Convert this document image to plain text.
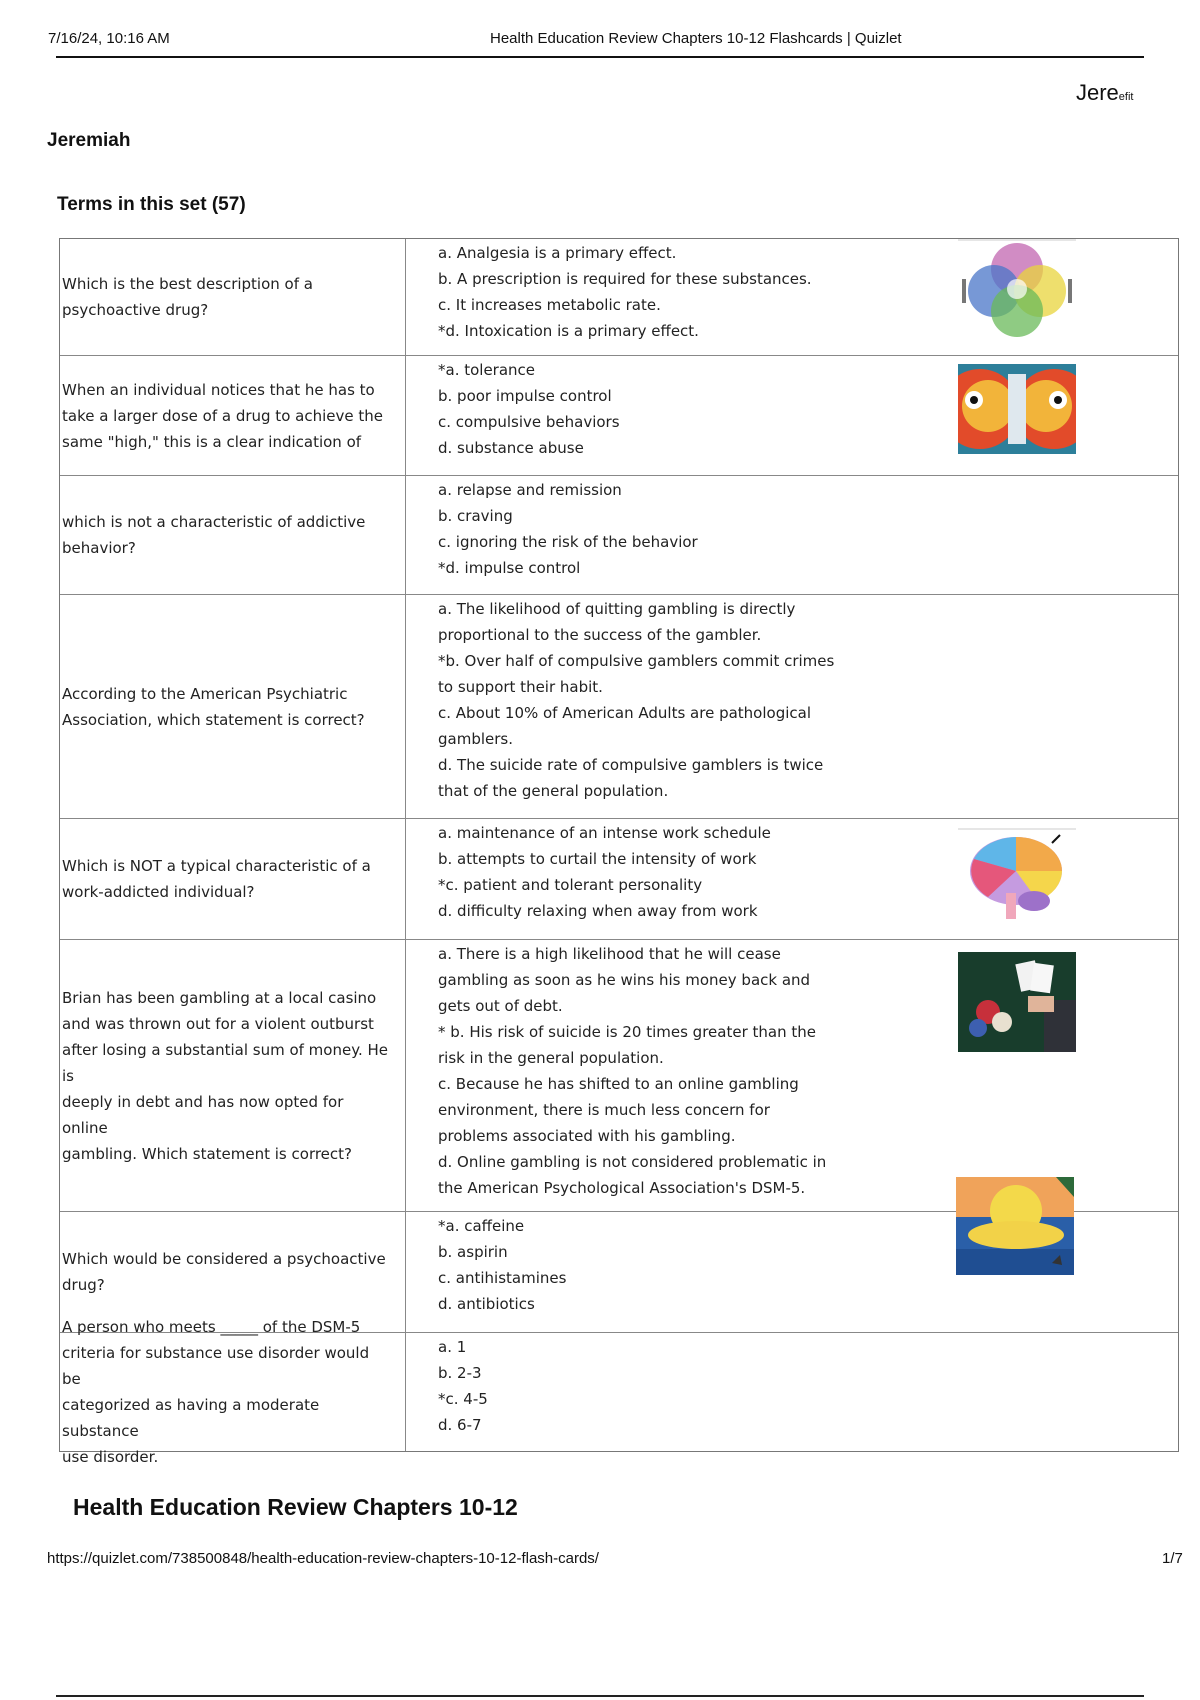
7/16/24, 10:16 AM	Health Education Review Chapters 10-12 Flashcards | Quizlet
Jereefit
Jeremiah
Terms in this set (57)
Which is the best description of a
psychoactive drug?
a. Analgesia is a primary effect.
b. A prescription is required for these substances.
c. It increases metabolic rate.
*d. Intoxication is a primary effect.
When an individual notices that he has to
take a larger dose of a drug to achieve the
same "high," this is a clear indication of
*a. tolerance
b. poor impulse control
c. compulsive behaviors
d. substance abuse
which is not a characteristic of addictive
behavior?
a. relapse and remission
b. craving
c. ignoring the risk of the behavior
*d. impulse control
According to the American Psychiatric
Association, which statement is correct?
a. The likelihood of quitting gambling is directly
proportional to the success of the gambler.
*b. Over half of compulsive gamblers commit crimes
to support their habit.
c. About 10% of American Adults are pathological
gamblers.
d. The suicide rate of compulsive gamblers is twice
that of the general population.
Which is NOT a typical characteristic of a
work-addicted individual?
a. maintenance of an intense work schedule
b. attempts to curtail the intensity of work
*c. patient and tolerant personality
d. difficulty relaxing when away from work
Brian has been gambling at a local casino
and was thrown out for a violent outburst
after losing a substantial sum of money. He is
deeply in debt and has now opted for online
gambling. Which statement is correct?
a. There is a high likelihood that he will cease
gambling as soon as he wins his money back and
gets out of debt.
* b. His risk of suicide is 20 times greater than the
risk in the general population.
c. Because he has shifted to an online gambling
environment, there is much less concern for
problems associated with his gambling.
d. Online gambling is not considered problematic in
the American Psychological Association's DSM-5.
Which would be considered a psychoactive
drug?
*a. caffeine
b. aspirin
c. antihistamines
d. antibiotics
A person who meets _____ of the DSM-5
criteria for substance use disorder would be
categorized as having a moderate substance
use disorder.
a. 1
b. 2-3
*c. 4-5
d. 6-7
Health Education Review Chapters 10-12
https://quizlet.com/738500848/health-education-review-chapters-10-12-flash-cards/	1/7
